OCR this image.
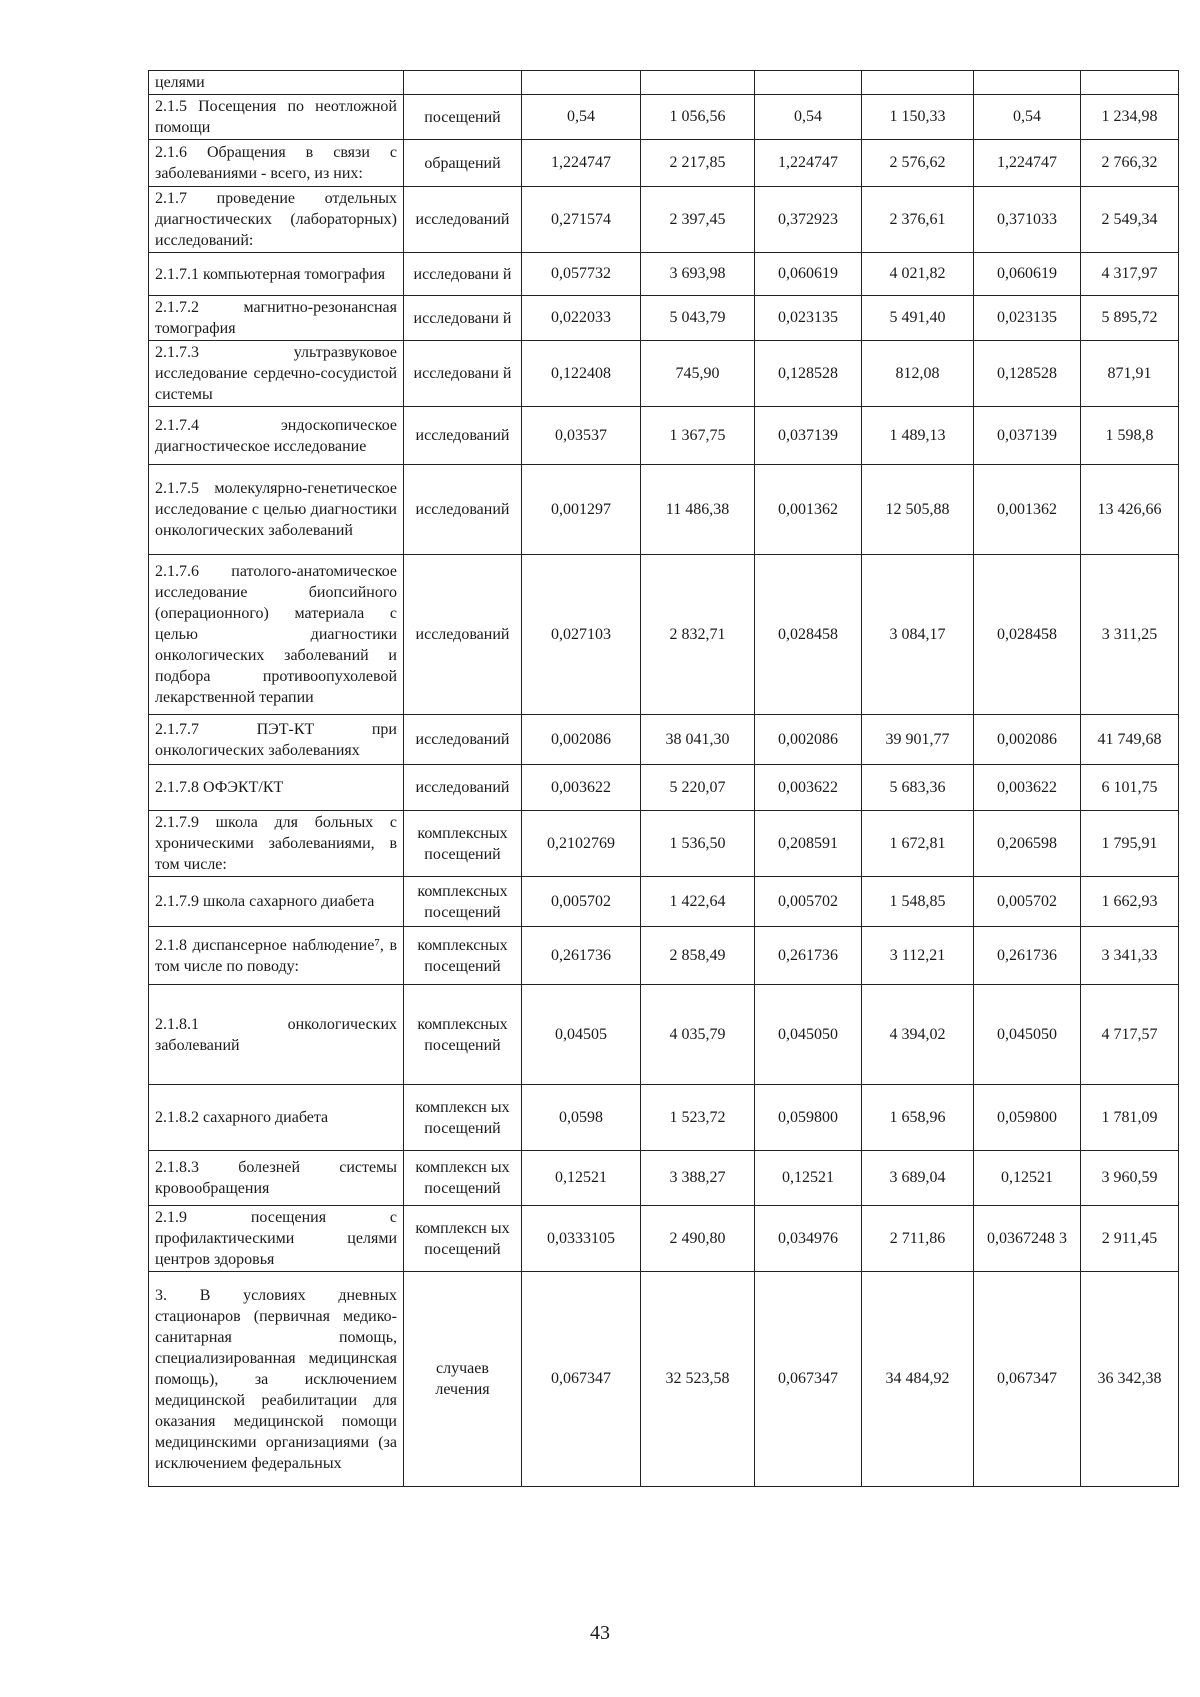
целями							
2.1.5 Посещения по неотложной помощи	посещений	0,54	1 056,56	0,54	1 150,33	0,54	1 234,98
2.1.6 Обращения в связи с заболеваниями - всего, из них:	обращений	1,224747	2 217,85	1,224747	2 576,62	1,224747	2 766,32
2.1.7 проведение отдельных диагностических (лабораторных) исследований:	исследований	0,271574	2 397,45	0,372923	2 376,61	0,371033	2 549,34
2.1.7.1 компьютерная томография	исследовани й	0,057732	3 693,98	0,060619	4 021,82	0,060619	4 317,97
2.1.7.2 магнитно-резонансная томография	исследовани й	0,022033	5 043,79	0,023135	5 491,40	0,023135	5 895,72
2.1.7.3 ультразвуковое исследование сердечно-сосудистой системы	исследовани й	0,122408	745,90	0,128528	812,08	0,128528	871,91
2.1.7.4 эндоскопическое диагностическое исследование	исследований	0,03537	1 367,75	0,037139	1 489,13	0,037139	1 598,8
2.1.7.5 молекулярно-генетическое исследование с целью диагностики онкологических заболеваний	исследований	0,001297	11 486,38	0,001362	12 505,88	0,001362	13 426,66
2.1.7.6 патолого-анатомическое исследование биопсийного (операционного) материала с целью диагностики онкологических заболеваний и подбора противоопухолевой лекарственной терапии	исследований	0,027103	2 832,71	0,028458	3 084,17	0,028458	3 311,25
2.1.7.7 ПЭТ-КТ при онкологических заболеваниях	исследований	0,002086	38 041,30	0,002086	39 901,77	0,002086	41 749,68
2.1.7.8 ОФЭКТ/КТ	исследований	0,003622	5 220,07	0,003622	5 683,36	0,003622	6 101,75
2.1.7.9 школа для больных с хроническими заболеваниями, в том числе:	комплексных посещений	0,2102769	1 536,50	0,208591	1 672,81	0,206598	1 795,91
2.1.7.9 школа сахарного диабета	комплексных посещений	0,005702	1 422,64	0,005702	1 548,85	0,005702	1 662,93
2.1.8 диспансерное наблюдение⁷, в том числе по поводу:	комплексных посещений	0,261736	2 858,49	0,261736	3 112,21	0,261736	3 341,33
2.1.8.1 онкологических заболеваний	комплексных посещений	0,04505	4 035,79	0,045050	4 394,02	0,045050	4 717,57
2.1.8.2 сахарного диабета	комплексн ых посещений	0,0598	1 523,72	0,059800	1 658,96	0,059800	1 781,09
2.1.8.3 болезней системы кровообращения	комплексн ых посещений	0,12521	3 388,27	0,12521	3 689,04	0,12521	3 960,59
2.1.9 посещения с профилактическими целями центров здоровья	комплексн ых посещений	0,0333105	2 490,80	0,034976	2 711,86	0,0367248 3	2 911,45
3. В условиях дневных стационаров (первичная медико-санитарная помощь, специализированная медицинская помощь), за исключением медицинской реабилитации для оказания медицинской помощи медицинскими организациями (за исключением федеральных	случаев лечения	0,067347	32 523,58	0,067347	34 484,92	0,067347	36 342,38
43
